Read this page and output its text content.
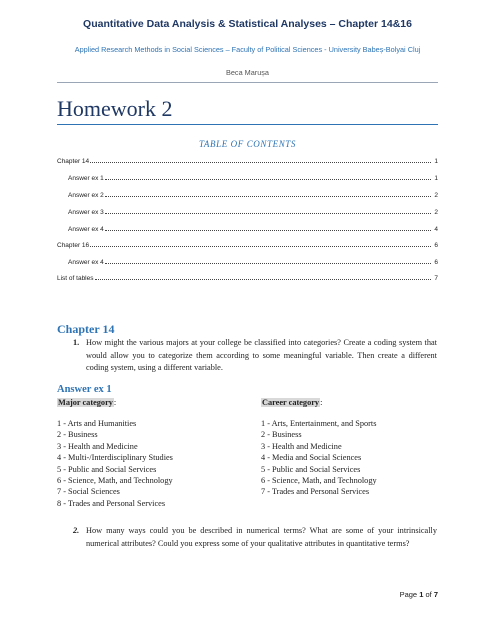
Quantitative Data Analysis & Statistical Analyses – Chapter 14&16
Applied Research Methods in Social Sciences – Faculty of Political Sciences - University Babeș-Bolyai Cluj
Beca Marușa
Homework 2
TABLE OF CONTENTS
Chapter 14	1
Answer ex 1	1
Answer ex 2	2
Answer ex 3	2
Answer ex 4	4
Chapter 16	6
Answer ex 4	6
List of tables	7
Chapter 14
1. How might the various majors at your college be classified into categories? Create a coding system that would allow you to categorize them according to some meaningful variable. Then create a different coding system, using a different variable.
Answer ex 1
Major category:	Career category:
1 - Arts and Humanities
2 - Business
3 - Health and Medicine
4 - Multi-/Interdisciplinary Studies
5 - Public and Social Services
6 - Science, Math, and Technology
7 - Social Sciences
8 - Trades and Personal Services
1 - Arts, Entertainment, and Sports
2 - Business
3 - Health and Medicine
4 - Media and Social Sciences
5 - Public and Social Services
6 - Science, Math, and Technology
7 - Trades and Personal Services
2. How many ways could you be described in numerical terms? What are some of your intrinsically numerical attributes? Could you express some of your qualitative attributes in quantitative terms?
Page 1 of 7
